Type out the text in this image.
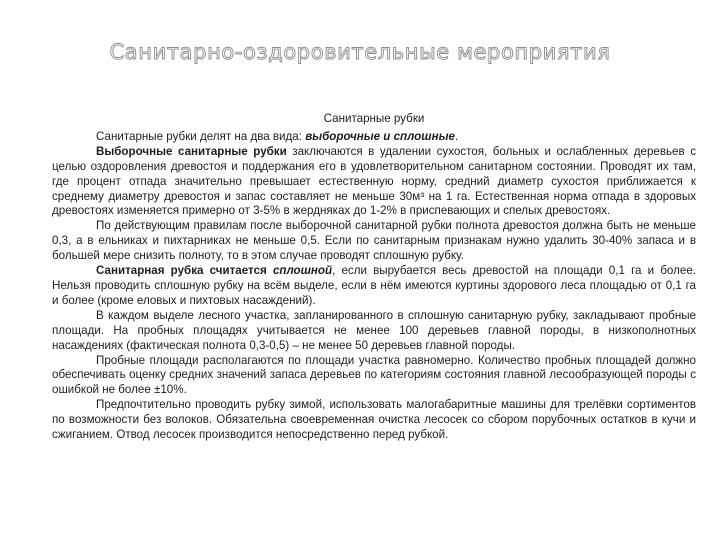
Санитарно-оздоровительные мероприятия

Санитарные рубки

Санитарные рубки делят на два вида: выборочные и сплошные.

Выборочные санитарные рубки заключаются в удалении сухостоя, больных и ослабленных деревьев с целью оздоровления древостоя и поддержания его в удовлетворительном санитарном состоянии. Проводят их там, где процент отпада значительно превышает естественную норму, средний диаметр сухостоя приближается к среднему диаметру древостоя и запас составляет не меньше 30м³ на 1 га. Естественная норма отпада в здоровых древостоях изменяется примерно от 3-5% в жердняках до 1-2% в приспевающих и спелых древостоях.

По действующим правилам после выборочной санитарной рубки полнота древостоя должна быть не меньше 0,3, а в ельниках и пихтарниках не меньше 0,5. Если по санитарным признакам нужно удалить 30-40% запаса и в большей мере снизить полноту, то в этом случае проводят сплошную рубку.

Санитарная рубка считается сплошной, если вырубается весь древостой на площади 0,1 га и более. Нельзя проводить сплошную рубку на всём выделе, если в нём имеются куртины здорового леса площадью от 0,1 га и более (кроме еловых и пихтовых насаждений).

В каждом выделе лесного участка, запланированного в сплошную санитарную рубку, закладывают пробные площади. На пробных площадях учитывается не менее 100 деревьев главной породы, в низкополнотных насаждениях (фактическая полнота 0,3-0,5) – не менее 50 деревьев главной породы.

Пробные площади располагаются по площади участка равномерно. Количество пробных площадей должно обеспечивать оценку средних значений запаса деревьев по категориям состояния главной лесообразующей породы с ошибкой не более ±10%.

Предпочтительно проводить рубку зимой, использовать малогабаритные машины для трелёвки сортиментов по возможности без волоков. Обязательна своевременная очистка лесосек со сбором порубочных остатков в кучи и сжиганием. Отвод лесосек производится непосредственно перед рубкой.
